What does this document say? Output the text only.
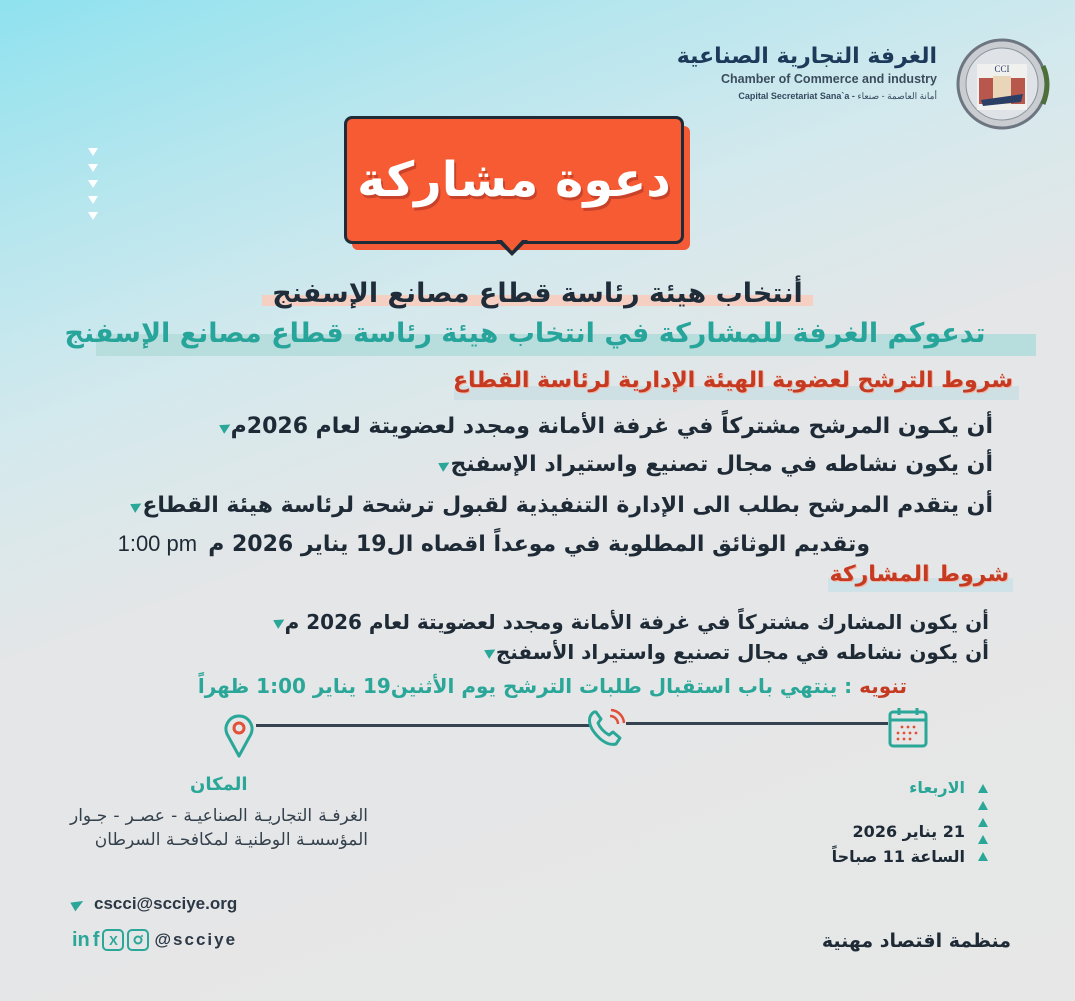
الغرفة التجارية الصناعية
Chamber of Commerce and industry
Capital Secretariat Sana`a - أمانة العاصمة - صنعاء
CCI
دعوة مشاركة
أنتخاب هيئة رئاسة قطاع مصانع الإسفنج
تدعوكم الغرفة للمشاركة في انتخاب هيئة رئاسة قطاع مصانع الإسفنج
شروط الترشح لعضوية الهيئة الإدارية لرئاسة القطاع
أن يكـون المرشح مشتركاً في غرفة الأمانة ومجدد لعضويتة لعام 2026م
أن يكون نشاطه في مجال تصنيع واستيراد الإسفنج
أن يتقدم المرشح بطلب الى الإدارة التنفيذية لقبول ترشحة لرئاسة هيئة القطاع
وتقديم الوثائق المطلوبة في موعداً اقصاه ال19 يناير 2026 م 1:00 pm
شروط المشاركة
أن يكون المشارك مشتركاً في غرفة الأمانة ومجدد لعضويتة لعام 2026 م
أن يكون نشاطه في مجال تصنيع واستيراد الأسفنج
تنويه : ينتهي باب استقبال طلبات الترشح يوم الأثنين19 يناير 1:00 ظهراً
المكان
الغرفـة التجاريـة الصناعيـة - عصـر - جـوار المؤسسـة الوطنيـة لمكافحـة السرطان
الاربعاء
21 يناير 2026
الساعة 11 صباحاً
cscci@scciye.org
in f X	@scciye	منظمة اقتصاد مهنية
